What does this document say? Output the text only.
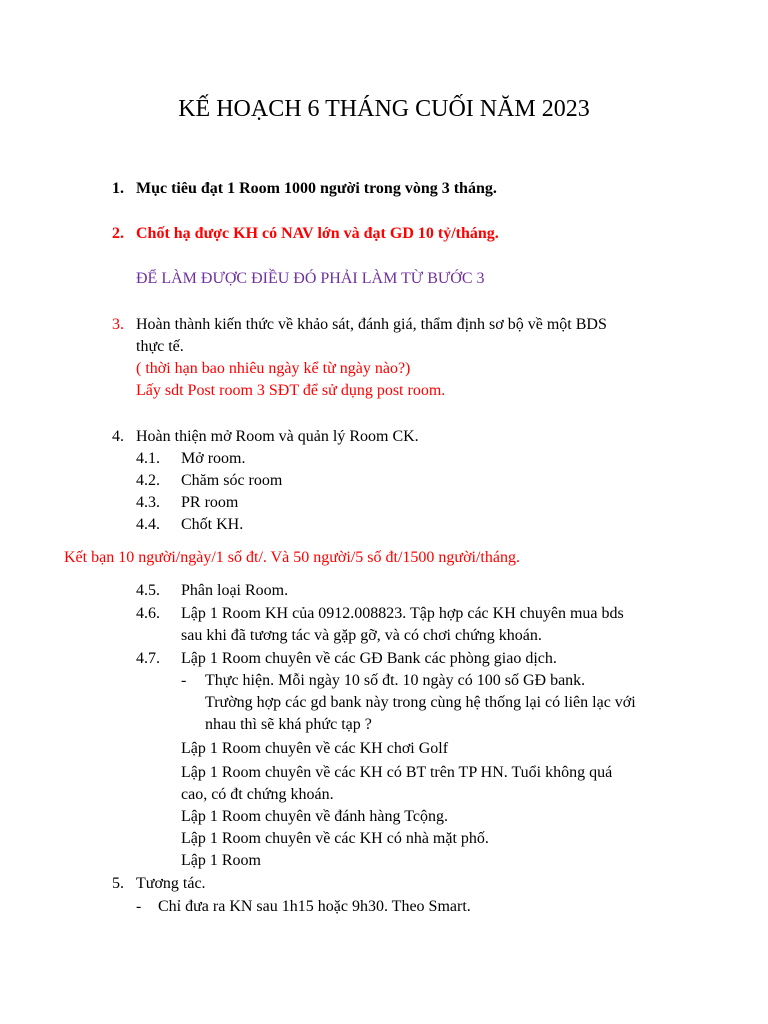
KẾ HOẠCH 6 THÁNG CUỐI NĂM 2023
1. Mục tiêu đạt 1 Room 1000 người trong vòng 3 tháng.
2. Chốt hạ được KH có NAV lớn và đạt GD 10 tỷ/tháng.
ĐỂ LÀM ĐƯỢC ĐIỀU ĐÓ PHẢI LÀM TỪ BƯỚC 3
3. Hoàn thành kiến thức về khảo sát, đánh giá, thẩm định sơ bộ về một BDS
thực tế.
( thời hạn bao nhiêu ngày kể từ ngày nào?)
Lấy sdt Post room 3 SĐT để sử dụng post room.
4. Hoàn thiện mở Room và quản lý Room CK.
4.1. Mở room.
4.2. Chăm sóc room
4.3. PR room
4.4. Chốt KH.
Kết bạn 10 người/ngày/1 số đt/. Và 50 người/5 số đt/1500 người/tháng.
4.5. Phân loại Room.
4.6. Lập 1 Room KH của 0912.008823. Tập hợp các KH chuyên mua bds
sau khi đã tương tác và gặp gỡ, và có chơi chứng khoán.
4.7. Lập 1 Room chuyên về các GĐ Bank các phòng giao dịch.
- Thực hiện. Mỗi ngày 10 số đt. 10 ngày có 100 số GĐ bank.
Trường hợp các gd bank này trong cùng hệ thống lại có liên lạc với
nhau thì sẽ khá phức tạp ?
Lập 1 Room chuyên về các KH chơi Golf
Lập 1 Room chuyên về các KH có BT trên TP HN. Tuổi không quá
cao, có đt chứng khoán.
Lập 1 Room chuyên về đánh hàng Tcộng.
Lập 1 Room chuyên về các KH có nhà mặt phố.
Lập 1 Room
5. Tương tác.
- Chỉ đưa ra KN sau 1h15 hoặc 9h30. Theo Smart.
